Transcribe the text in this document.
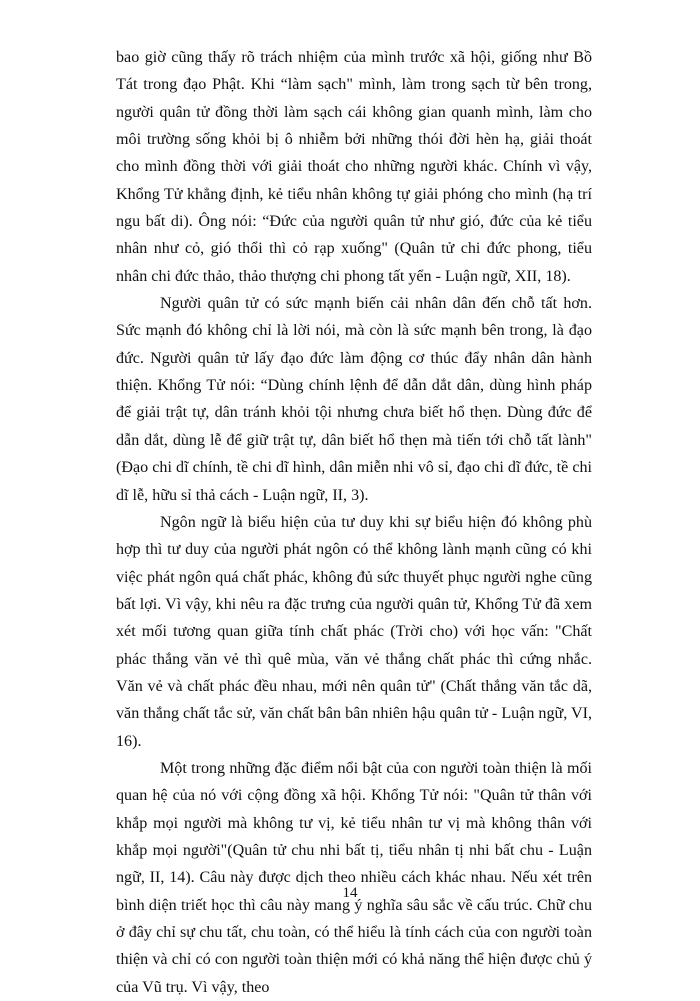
bao giờ cũng thấy rõ trách nhiệm của mình trước xã hội, giống như Bồ Tát trong đạo Phật. Khi “làm sạch" mình, làm trong sạch từ bên trong, người quân tử đồng thời làm sạch cái không gian quanh mình, làm cho môi trường sống khỏi bị ô nhiễm bởi những thói đời hèn hạ, giải thoát cho mình đồng thời với giải thoát cho những người khác. Chính vì vậy, Khổng Tử khẳng định, kẻ tiểu nhân không tự giải phóng cho mình (hạ trí ngu bất di). Ông nói: “Đức của người quân tử như gió, đức của kẻ tiểu nhân như cỏ, gió thổi thì cỏ rạp xuống" (Quân tử chi đức phong, tiểu nhân chi đức thảo, thảo thượng chi phong tất yển - Luận ngữ, XII, 18).

Người quân tử có sức mạnh biến cải nhân dân đến chỗ tất hơn. Sức mạnh đó không chỉ là lời nói, mà còn là sức mạnh bên trong, là đạo đức. Người quân tử lấy đạo đức làm động cơ thúc đẩy nhân dân hành thiện. Khổng Tử nói: “Dùng chính lệnh để dẫn dắt dân, dùng hình pháp để giải trật tự, dân tránh khỏi tội nhưng chưa biết hổ thẹn. Dùng đức để dẫn dắt, dùng lễ để giữ trật tự, dân biết hổ thẹn mà tiến tới chỗ tất lành" (Đạo chi dĩ chính, tề chi dĩ hình, dân miễn nhi vô sỉ, đạo chi dĩ đức, tề chi dĩ lễ, hữu sỉ thả cách - Luận ngữ, II, 3).

Ngôn ngữ là biểu hiện của tư duy khi sự biểu hiện đó không phù hợp thì tư duy của người phát ngôn có thể không lành mạnh cũng có khi việc phát ngôn quá chất phác, không đủ sức thuyết phục người nghe cũng bất lợi. Vì vậy, khi nêu ra đặc trưng của người quân tử, Khổng Tử đã xem xét mối tương quan giữa tính chất phác (Trời cho) với học vấn: "Chất phác thắng văn vẻ thì quê mùa, văn vẻ thắng chất phác thì cứng nhắc. Văn vẻ và chất phác đều nhau, mới nên quân tử" (Chất thắng văn tắc dã, văn thắng chất tắc sử, văn chất bân bân nhiên hậu quân tử - Luận ngữ, VI, 16).

Một trong những đặc điểm nổi bật của con người toàn thiện là mối quan hệ của nó với cộng đồng xã hội. Khổng Tử nói: "Quân tử thân với khắp mọi người mà không tư vị, kẻ tiểu nhân tư vị mà không thân với khắp mọi người"(Quân tử chu nhi bất tị, tiểu nhân tị nhi bất chu - Luận ngữ, II, 14). Câu này được dịch theo nhiều cách khác nhau. Nếu xét trên bình diện triết học thì câu này mang ý nghĩa sâu sắc về cấu trúc. Chữ chu ở đây chỉ sự chu tất, chu toàn, có thể hiểu là tính cách của con người toàn thiện và chỉ có con người toàn thiện mới có khả năng thể hiện được chủ ý của Vũ trụ. Vì vậy, theo

14
